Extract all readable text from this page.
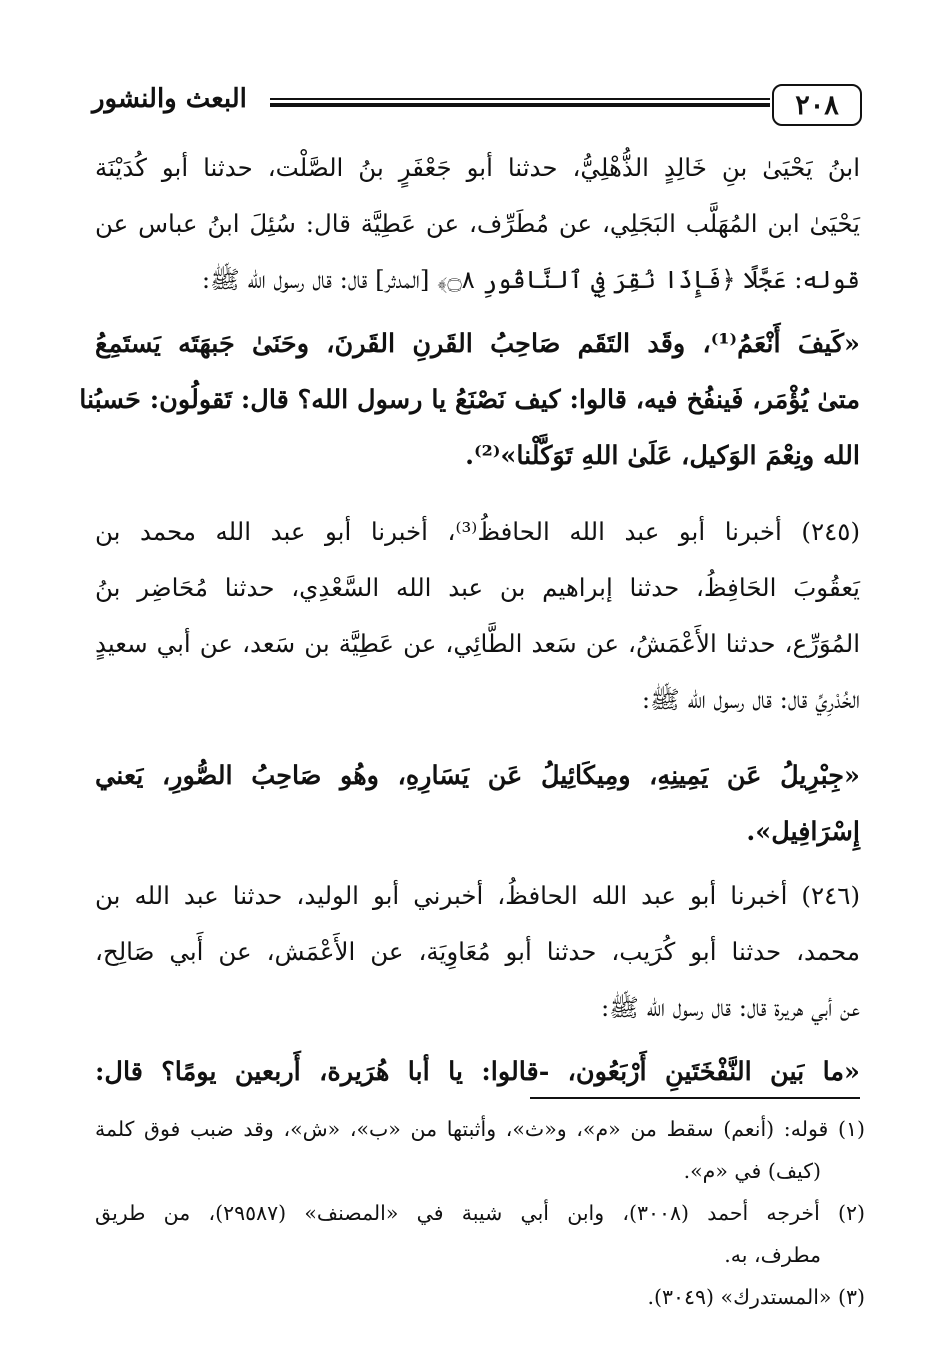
٢٠٨
البعث والنشور
ابنُ يَحْيَىٰ بنِ خَالِدٍ الذُّهْلِيُّ، حدثنا أبو جَعْفَرٍ بنُ الصَّلْت، حدثنا أبو كُدَيْنَة
يَحْيَىٰ ابن المُهَلَّب البَجَلِي، عن مُطَرِّف، عن عَطِيَّة قال: سُئِلَ ابنُ عباس عن
قوله: عَجَّلًا ﴿فَإِذَا نُقِرَ فِي ٱلنَّاقُورِ ۝٨﴾ [المدثر] قال: قال رسول الله ﷺ:
«كَيفَ أَنْعَمُ⁽¹⁾، وقَد التَقَم صَاحِبُ القَرنِ القَرنَ، وحَنَىٰ جَبهَتَه يَستَمِعُ
متىٰ يُؤْمَر، فَينفُخ فيه، قالوا: كيف نَصْنَعُ يا رسول الله؟ قال: تَقولُون: حَسبُنا
الله ونِعْمَ الوَكيل، عَلَىٰ اللهِ تَوَكَّلْنا»⁽²⁾.
(٢٤٥) أخبرنا أبو عبد الله الحافظُ⁽³⁾، أخبرنا أبو عبد الله محمد بن
يَعقُوبَ الحَافِظُ، حدثنا إبراهيم بن عبد الله السَّعْدِي، حدثنا مُحَاضِر بنُ
المُوَرِّع، حدثنا الأَعْمَشُ، عن سَعد الطَّائِي، عن عَطِيَّة بن سَعد، عن أبي سعيدٍ
الخُدْرِيِّ قال: قال رسول الله ﷺ:
«جِبْرِيلُ عَن يَمِينِهِ، ومِيكَائِيلُ عَن يَسَارِهِ، وهُو صَاحِبُ الصُّورِ، يَعني
إِسْرَافِيل».
(٢٤٦) أخبرنا أبو عبد الله الحافظُ، أخبرني أبو الوليد، حدثنا عبد الله بن
محمد، حدثنا أبو كُرَيب، حدثنا أبو مُعَاوِيَة، عن الأَعْمَش، عن أَبي صَالِح،
عن أبي هريرة قال: قال رسول الله ﷺ:
«ما بَين النَّفْخَتَينِ أَرْبَعُون، -قالوا: يا أبا هُرَيرة، أَربعين يومًا؟ قال:
(١) قوله: (أنعم) سقط من «م»، و«ث»، وأثبتها من «ب»، «ش»، وقد ضبب فوق كلمة
(كيف) في «م».
(٢) أخرجه أحمد (٣٠٠٨)، وابن أبي شيبة في «المصنف» (٢٩٥٨٧)، من طريق
مطرف، به.
(٣) «المستدرك» (٣٠٤٩).
